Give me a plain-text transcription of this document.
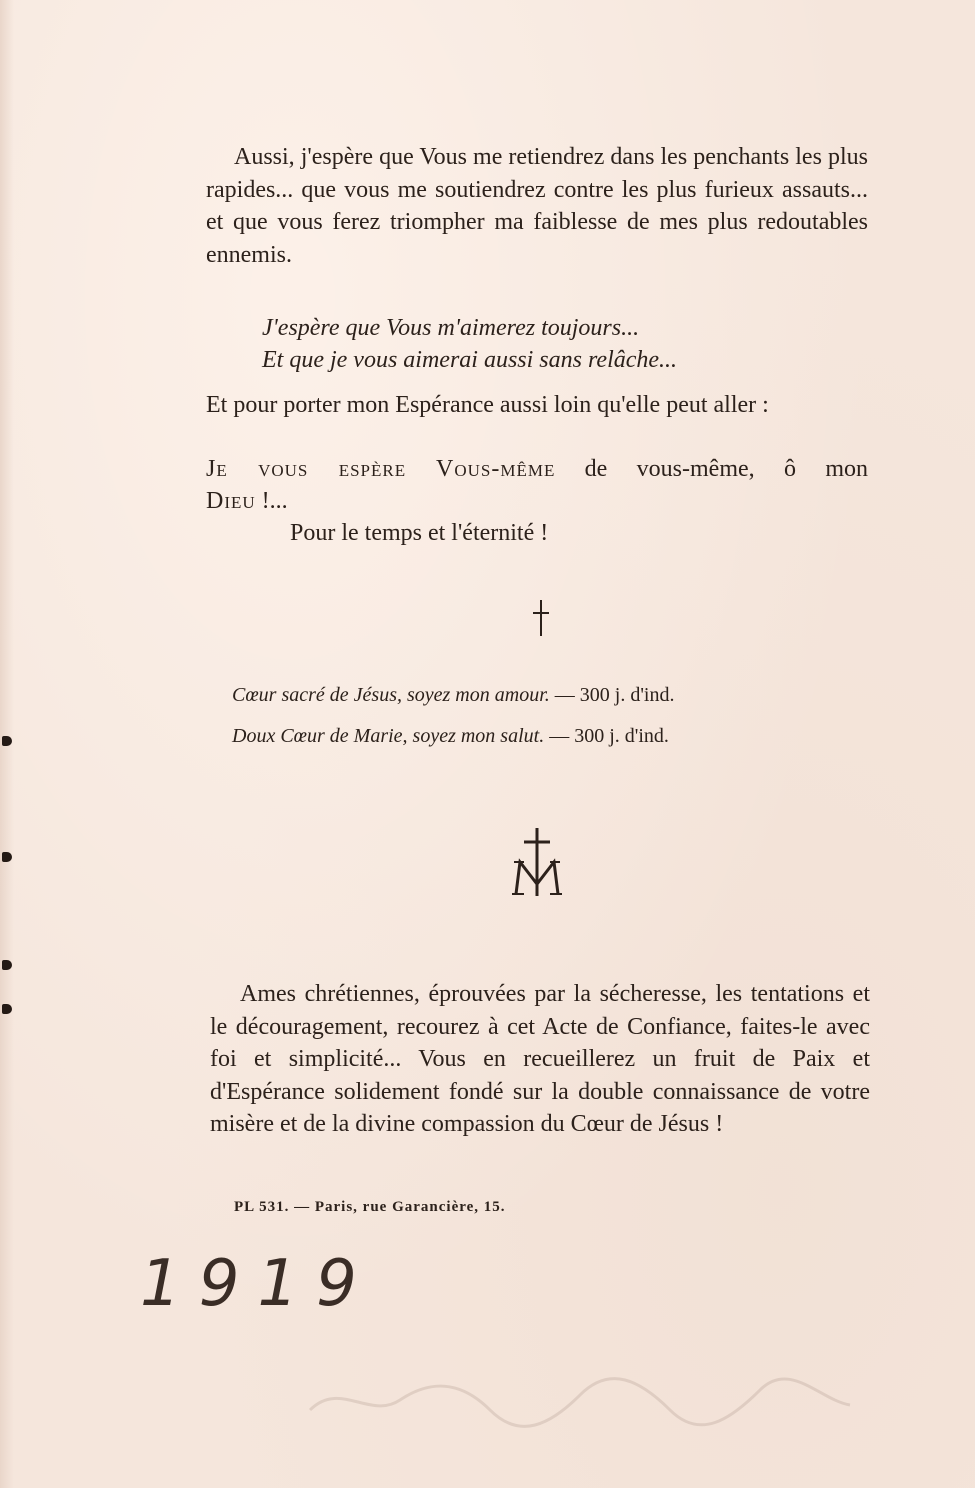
Aussi, j'espère que Vous me retiendrez dans les penchants les plus rapides... que vous me soutiendrez contre les plus furieux assauts... et que vous ferez triompher ma faiblesse de mes plus redoutables ennemis.

J'espère que Vous m'aimerez toujours...

Et que je vous aimerai aussi sans relâche...

Et pour porter mon Espérance aussi loin qu'elle peut aller :

Je vous espère Vous-même de vous-même, ô mon

Dieu !...

Pour le temps et l'éternité !

Cœur sacré de Jésus, soyez mon amour. — 300 j. d'ind.

Doux Cœur de Marie, soyez mon salut. — 300 j. d'ind.

Ames chrétiennes, éprouvées par la sécheresse, les tentations et le découragement, recourez à cet Acte de Confiance, faites-le avec foi et simplicité... Vous en recueillerez un fruit de Paix et d'Espérance solidement fondé sur la double connaissance de votre misère et de la divine compassion du Cœur de Jésus !

PL 531. — Paris, rue Garancière, 15.
1919
